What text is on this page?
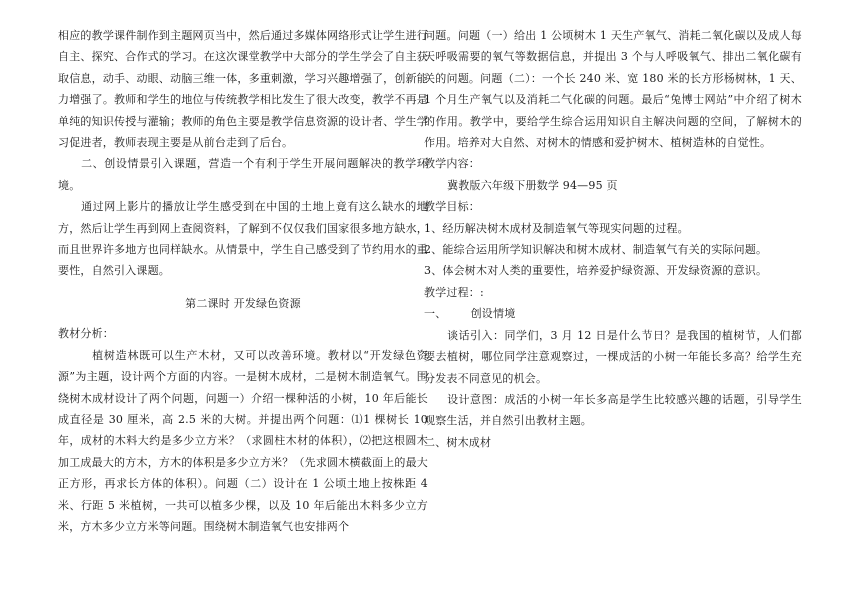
相应的教学课件制作到主题网页当中，然后通过多媒体网络形式让学生进行自主、探究、合作式的学习。在这次课堂教学中大部分的学生学会了自主获取信息，动手、动眼、动脑三维一体，多重刺激，学习兴趣增强了，创新能力增强了。教师和学生的地位与传统教学相比发生了很大改变，教学不再是单纯的知识传授与灌输；教师的角色主要是教学信息资源的设计者、学生学习促进者，教师表现主要是从前台走到了后台。

二、创设情景引入课题，营造一个有利于学生开展问题解决的教学环境。

通过网上影片的播放让学生感受到在中国的土地上竟有这么缺水的地方，然后让学生再到网上查阅资料，了解到不仅仅我们国家很多地方缺水，而且世界许多地方也同样缺水。从情景中，学生自己感受到了节约用水的重要性，自然引入课题。

第二课时 开发绿色资源

教材分析：

植树造林既可以生产木材，又可以改善环境。教材以“开发绿色资源”为主题，设计两个方面的内容。一是树木成材，二是树木制造氧气。围绕树木成材设计了两个问题，问题一）介绍一棵种活的小树，10 年后能长成直径是 30 厘米，高 2.5 米的大树。并提出两个问题：⑴1 棵树长 10 年，成材的木料大约是多少立方米？（求圆柱木材的体积），⑵把这根圆木加工成最大的方木，方木的体积是多少立方米？（先求圆木横截面上的最大正方形，再求长方体的体积）。问题（二）设计在 1 公顷土地上按株距 4 米、行距 5 米植树，一共可以植多少棵，以及 10 年后能出木料多少立方米，方木多少立方米等问题。围绕树木制造氧气也安排两个

问题。问题（一）给出 1 公顷树木 1 天生产氧气、消耗二氧化碳以及成人每天呼吸需要的氧气等数据信息，并提出 3 个与人呼吸氧气、排出二氧化碳有关的问题。问题（二）：一个长 240 米、宽 180 米的长方形杨树林，1 天、1 个月生产氧气以及消耗二气化碳的问题。最后“兔博士网站”中介绍了树木的作用。教学中，要给学生综合运用知识自主解决问题的空间，了解树木的作用。培养对大自然、对树木的情感和爱护树木、植树造林的自觉性。

教学内容：

冀教版六年级下册数学 94—95 页

教学目标：

1、经历解决树木成材及制造氧气等现实问题的过程。

2、能综合运用所学知识解决和树木成材、制造氧气有关的实际问题。

3、体会树木对人类的重要性，培养爱护绿资源、开发绿资源的意识。

教学过程：:

一、 创设情境

谈话引入：同学们，3 月 12 日是什么节日？是我国的植树节，人们都要去植树，哪位同学注意观察过，一棵成活的小树一年能长多高？给学生充分发表不同意见的机会。

设计意图：成活的小树一年长多高是学生比较感兴趣的话题，引导学生观察生活，并自然引出教材主题。

二、树木成材
